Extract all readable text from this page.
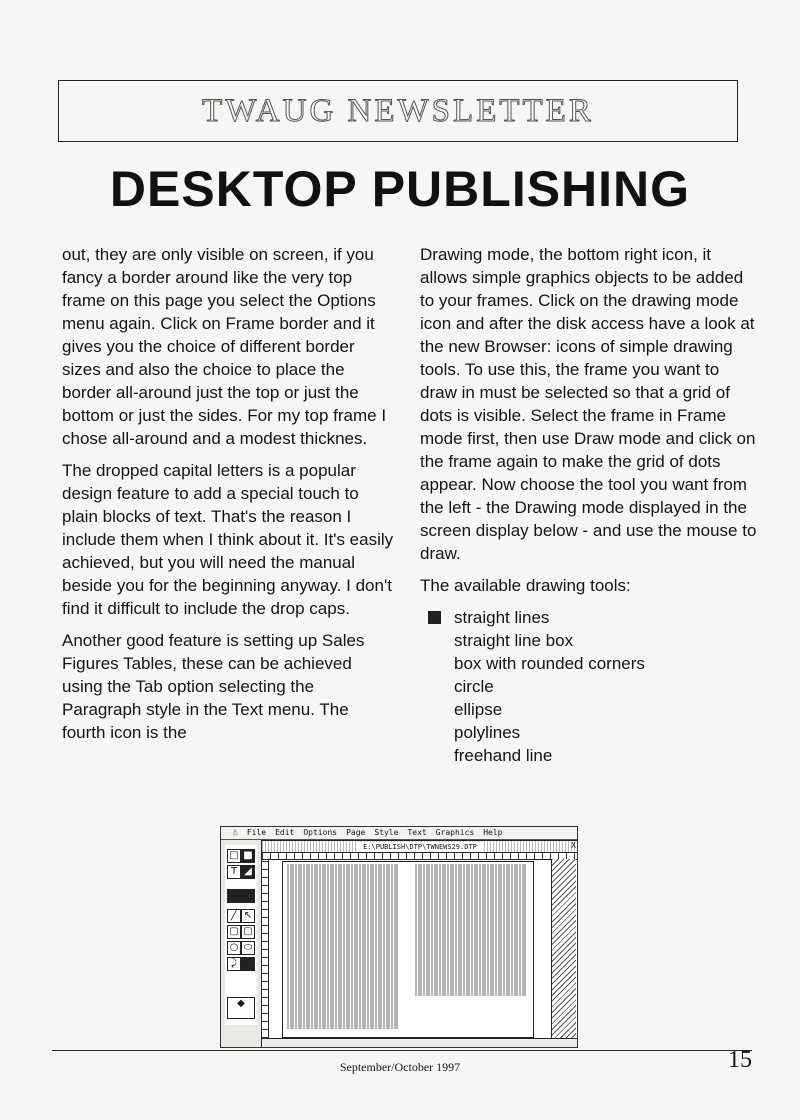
TWAUG NEWSLETTER
DESKTOP PUBLISHING

out, they are only visible on screen, if you fancy a border around like the very top frame on this page you select the Options menu again. Click on Frame border and it gives you the choice of different border sizes and also the choice to place the border all-around just the top or just the bottom or just the sides. For my top frame I chose all-around and a modest thicknes.

The dropped capital letters is a popular design feature to add a special touch to plain blocks of text. That's the reason I include them when I think about it. It's easily achieved, but you will need the manual beside you for the beginning anyway. I don't find it difficult to include the drop caps.

Another good feature is setting up Sales Figures Tables, these can be achieved using the Tab option selecting the Paragraph style in the Text menu. The fourth icon is the

Drawing mode, the bottom right icon, it allows simple graphics objects to be added to your frames. Click on the drawing mode icon and after the disk access have a look at the new Browser: icons of simple drawing tools. To use this, the frame you want to draw in must be selected so that a grid of dots is visible. Select the frame in Frame mode first, then use Draw mode and click on the frame again to make the grid of dots appear. Now choose the tool you want from the left - the Drawing mode displayed in the screen display below - and use the mouse to draw.

The available drawing tools:

straight lines
straight line box
box with rounded corners
circle
ellipse
polylines
freehand line
☃ File Edit Options Page Style Text Graphics Help
□ ■
T ◢
╱ ↖
▢ ▢
○ ⬭
⤸
◆
E:\PUBLISH\DTP\TWNEWS29.DTP	X
September/October 1997	15
